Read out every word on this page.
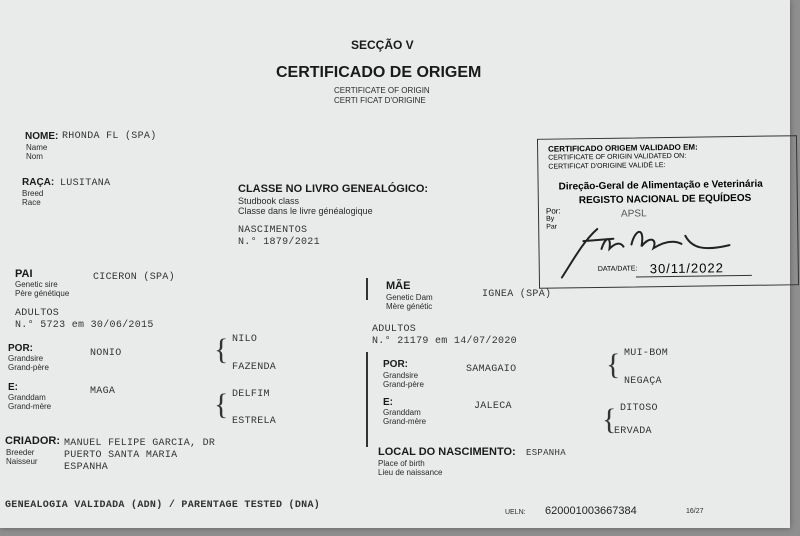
SECÇÃO V
CERTIFICADO DE ORIGEM
CERTIFICATE OF ORIGIN
CERTI FICAT D'ORIGINE
NOME: RHONDA FL (SPA)
Name
Nom
RAÇA: LUSITANA
Breed
Race
CLASSE NO LIVRO GENEALÓGICO:
Studbook class
Classe dans le livre généalogique
NASCIMENTOS
N.° 1879/2021
CERTIFICADO ORIGEM VALIDADO EM:
CERTIFICATE OF ORIGIN VALIDATED ON:
CERTIFICAT D'ORIGINE VALIDÉ LE:
Direção-Geral de Alimentação e Veterinária
REGISTO NACIONAL DE EQUÍDEOS
Por:
By
Par
APSL
DATA/DATE: 30/11/2022
PAI
Genetic sire
Père génétique
CICERON (SPA)
ADULTOS
N.° 5723 em 30/06/2015
POR:
Grandsire
Grand-père
NONIO	{ NILO
FAZENDA
E:
Granddam
Grand-mère
MAGA	{ DELFIM
ESTRELA
MÃE
Genetic Dam
Mère génétic
IGNEA (SPA)
ADULTOS
N.° 21179 em 14/07/2020
POR:
Grandsire
Grand-père
SAMAGAIO	{ MUI-BOM
NEGAÇA
E:
Granddam
Grand-mère
JALECA	{ DITOSO
ERVADA
CRIADOR:
Breeder
Naisseur
MANUEL FELIPE GARCIA, DR
PUERTO SANTA MARIA
ESPANHA
LOCAL DO NASCIMENTO:
Place of birth
Lieu de naissance
ESPANHA
GENEALOGIA VALIDADA (ADN) / PARENTAGE TESTED (DNA)
UELN: 620001003667384	16/27
